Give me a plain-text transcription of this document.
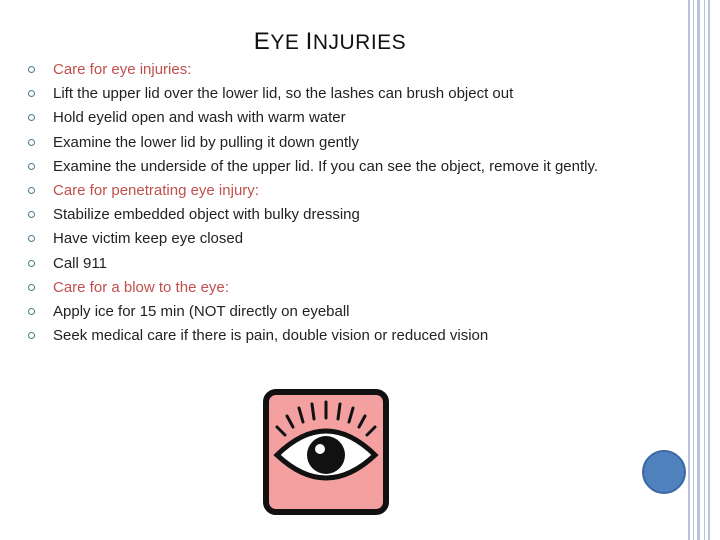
EYE INJURIES
Care for eye injuries:
Lift the upper lid over the lower lid, so the lashes can brush object out
Hold eyelid open and wash with warm water
Examine the lower lid by pulling it down gently
Examine the underside of the upper lid. If you can see the object, remove it gently.
Care for penetrating eye injury:
Stabilize embedded object with bulky dressing
Have victim keep eye closed
Call 911
Care for a blow to the eye:
Apply ice for 15 min (NOT directly on eyeball
Seek medical care if there is pain, double vision or reduced vision
